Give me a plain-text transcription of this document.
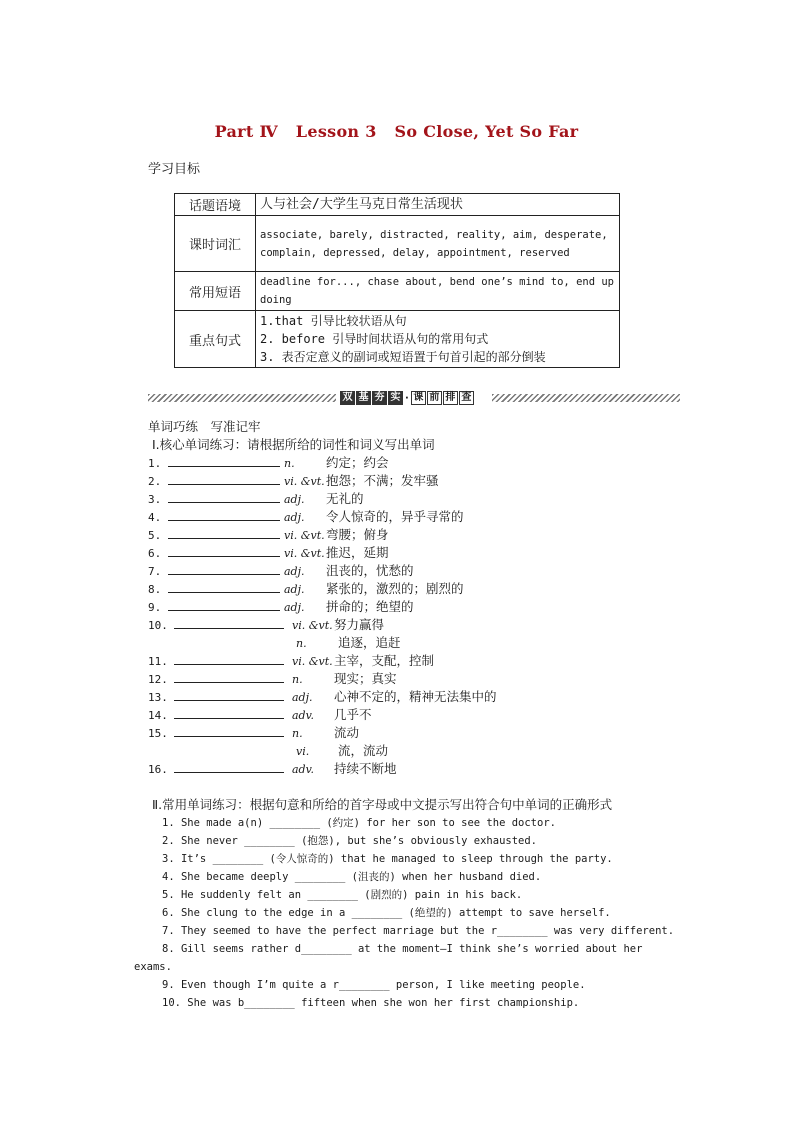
Part Ⅳ Lesson 3 So Close, Yet So Far
学习目标
话题语境	人与社会/大学生马克日常生活现状
课时词汇	associate, barely, distracted, reality, aim, desperate, complain, depressed, delay, appointment, reserved
常用短语	deadline for..., chase about, bend one’s mind to, end up doing
重点句式	1.that 引导比较状语从句
2. before 引导时间状语从句的常用句式
3. 表否定意义的副词或短语置于句首引起的部分倒装
双 基 夯 实 · 课 前 排 查
单词巧练　写准记牢
Ⅰ.核心单词练习：请根据所给的词性和词义写出单词
1.	n.	约定；约会
2.	vi. &vt.抱怨；不满；发牢骚
3.	adj. 无礼的
4.	adj. 令人惊奇的，异乎寻常的
5.	vi. &vt.弯腰；俯身
6.	vi. &vt.推迟，延期
7.	adj. 沮丧的，忧愁的
8.	adj. 紧张的，激烈的；剧烈的
9.	adj. 拼命的；绝望的
10.	vi. &vt.努力赢得
n.	追逐，追赶
11.	vi. &vt.主宰，支配，控制
12.	n.	现实；真实
13.	adj. 心神不定的，精神无法集中的
14.	adv. 几乎不
15.	n.	流动
vi. 流，流动
16.	adv. 持续不断地
Ⅱ.常用单词练习：根据句意和所给的首字母或中文提示写出符合句中单词的正确形式
1. She made a(n) ________ (约定) for her son to see the doctor.
2. She never ________ (抱怨), but she’s obviously exhausted.
3. It’s ________ (令人惊奇的) that he managed to sleep through the party.
4. She became deeply ________ (沮丧的) when her husband died.
5. He suddenly felt an ________ (剧烈的) pain in his back.
6. She clung to the edge in a ________ (绝望的) attempt to save herself.
7. They seemed to have the perfect marriage but the r________ was very different.
8. Gill seems rather d________ at the moment—I think she’s worried about her
exams.
9. Even though I’m quite a r________ person, I like meeting people.
10. She was b________ fifteen when she won her first championship.
